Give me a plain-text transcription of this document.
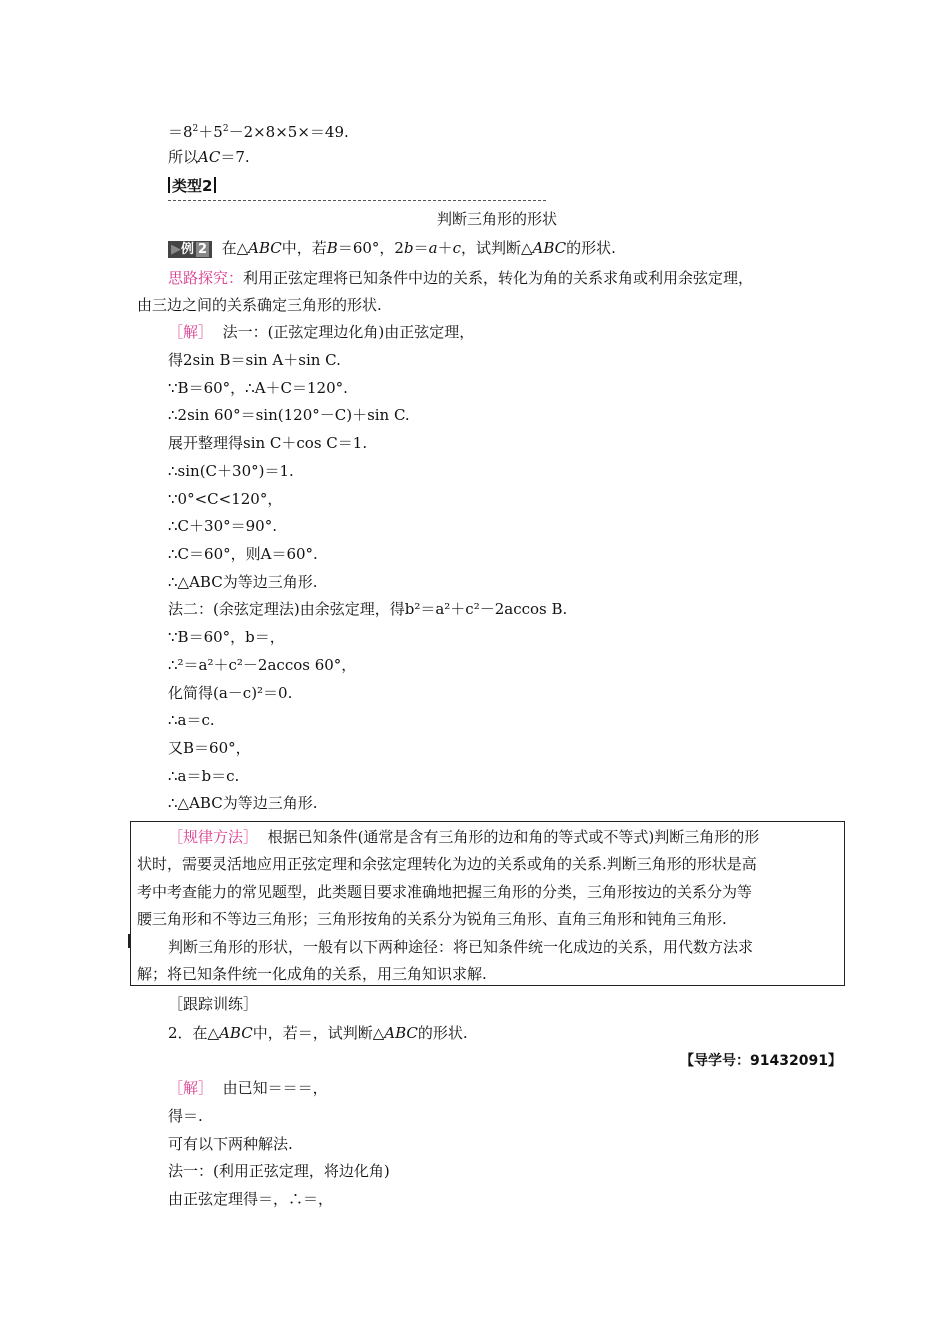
$=8^2+5^2-2\times 8\times 5\times=49$.
所以AC＝7.
类型2
判断三角形的形状
▶例 2 在△ABC中，若B＝60°，2b＝a＋c，试判断△ABC的形状.
思路探究：利用正弦定理将已知条件中边的关系，转化为角的关系求角或利用余弦定理，
由三边之间的关系确定三角形的形状.
［解］ 法一：(正弦定理边化角)由正弦定理，
得2sin B＝sin A＋sin C.
∵B＝60°，∴A＋C＝120°.
∴2sin 60°＝sin(120°－C)＋sin C.
展开整理得sin C＋cos C＝1.
∴sin(C＋30°)＝1.
∵0°<C<120°，
∴C＋30°＝90°.
∴C＝60°，则A＝60°.
∴△ABC为等边三角形.
法二：(余弦定理法)由余弦定理，得b²＝a²＋c²－2accos B.
∵B＝60°，b＝，
∴²＝a²＋c²－2accos 60°，
化简得(a－c)²＝0.
∴a＝c.
又B＝60°，
∴a＝b＝c.
∴△ABC为等边三角形.
［规律方法］ 根据已知条件(通常是含有三角形的边和角的等式或不等式)判断三角形的形
状时，需要灵活地应用正弦定理和余弦定理转化为边的关系或角的关系.判断三角形的形状是高
考中考查能力的常见题型，此类题目要求准确地把握三角形的分类，三角形按边的关系分为等
腰三角形和不等边三角形；三角形按角的关系分为锐角三角形、直角三角形和钝角三角形.
判断三角形的形状，一般有以下两种途径：将已知条件统一化成边的关系，用代数方法求
解；将已知条件统一化成角的关系，用三角知识求解.
［跟踪训练］
2．在△ABC中，若＝，试判断△ABC的形状.
【导学号：91432091】
［解］ 由已知＝＝＝，
得＝.
可有以下两种解法.
法一：(利用正弦定理，将边化角)
由正弦定理得＝，∴＝，
